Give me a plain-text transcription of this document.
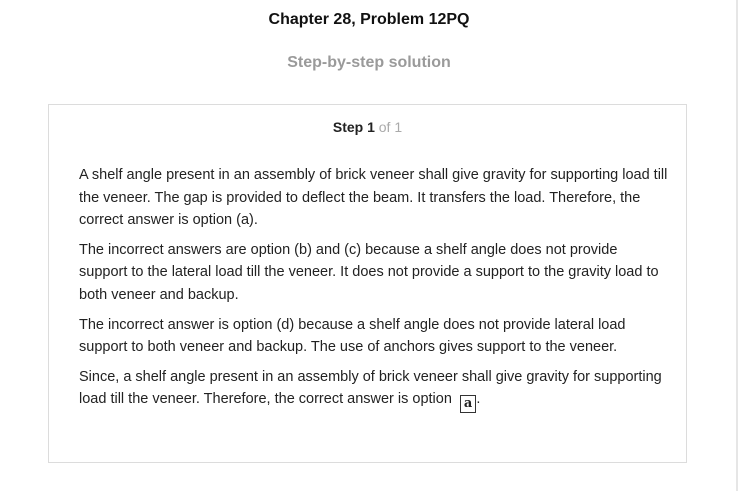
Chapter 28, Problem 12PQ
Step-by-step solution
Step 1 of 1

A shelf angle present in an assembly of brick veneer shall give gravity for supporting load till the veneer. The gap is provided to deflect the beam. It transfers the load. Therefore, the correct answer is option (a).

The incorrect answers are option (b) and (c) because a shelf angle does not provide support to the lateral load till the veneer. It does not provide a support to the gravity load to both veneer and backup.

The incorrect answer is option (d) because a shelf angle does not provide lateral load support to both veneer and backup. The use of anchors gives support to the veneer.

Since, a shelf angle present in an assembly of brick veneer shall give gravity for supporting load till the veneer. Therefore, the correct answer is option a .
